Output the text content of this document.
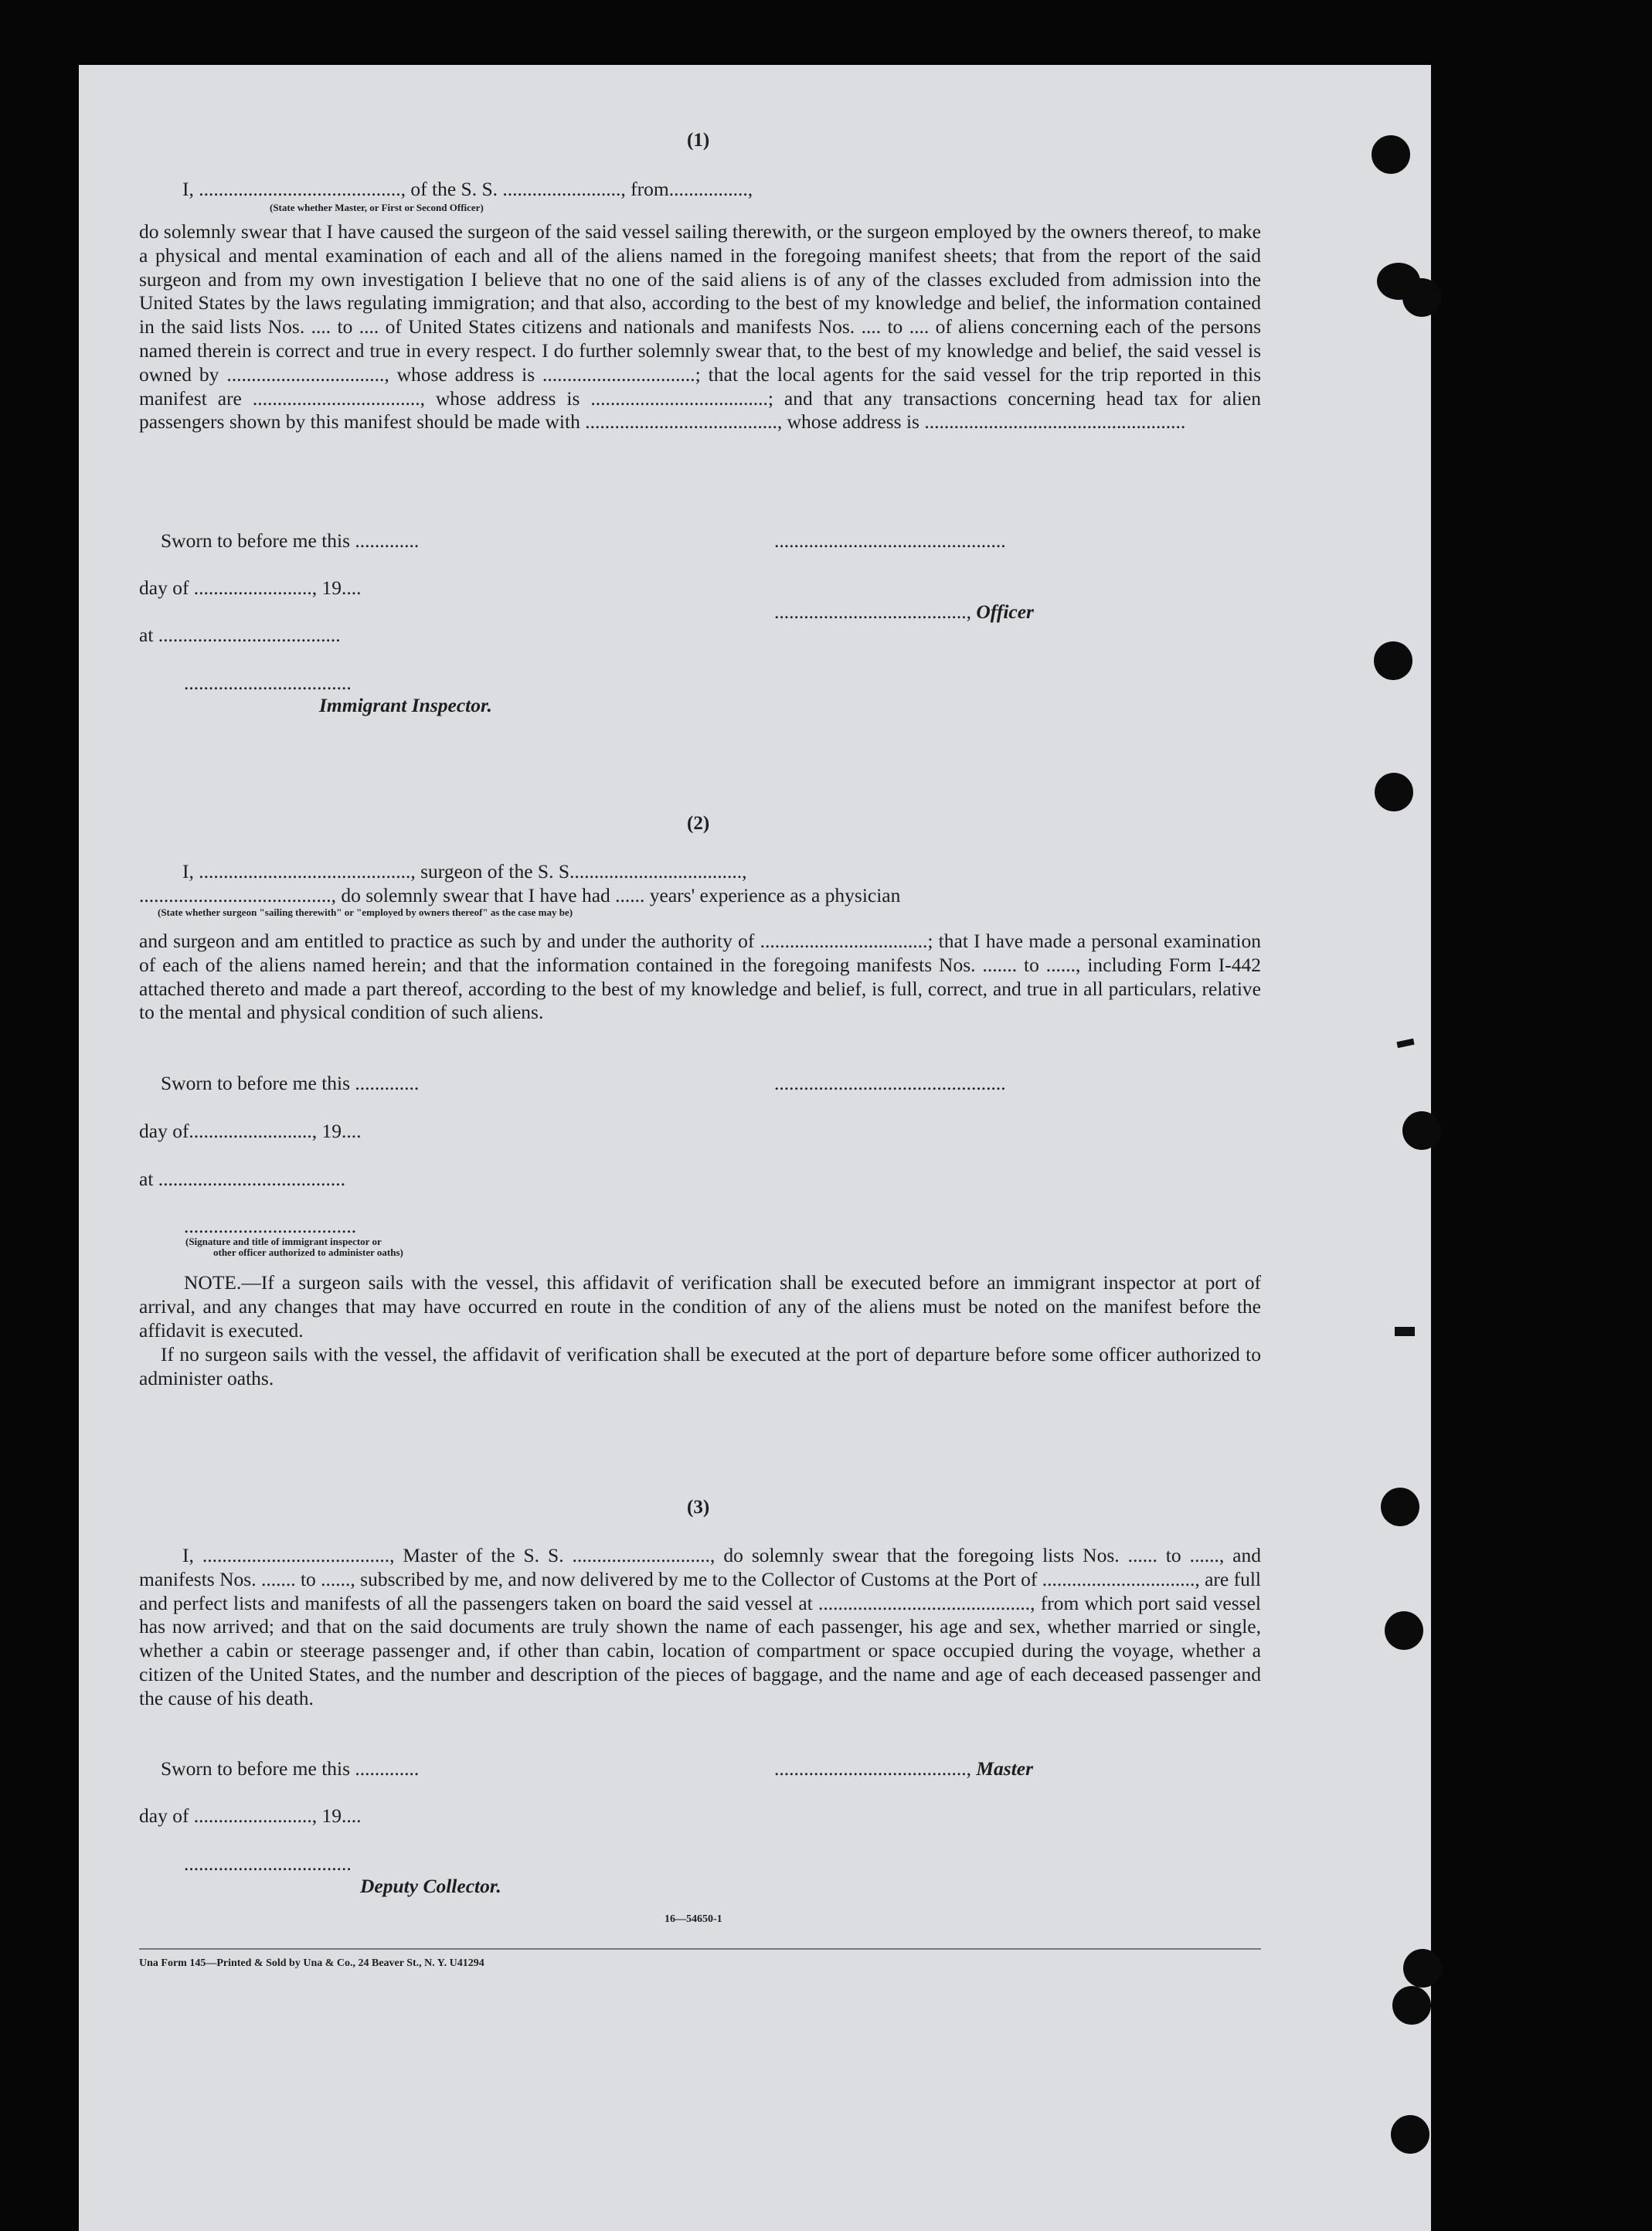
(1)
I, ........................................., of the S. S. ........................, from................,
(State whether Master, or First or Second Officer)
do solemnly swear that I have caused the surgeon of the said vessel sailing therewith, or the surgeon employed by the owners thereof, to make a physical and mental examination of each and all of the aliens named in the foregoing manifest sheets; that from the report of the said surgeon and from my own investigation I believe that no one of the said aliens is of any of the classes excluded from admission into the United States by the laws regulating immigration; and that also, according to the best of my knowledge and belief, the information contained in the said lists Nos. .... to .... of United States citizens and nationals and manifests Nos. .... to .... of aliens concerning each of the persons named therein is correct and true in every respect. I do further solemnly swear that, to the best of my knowledge and belief, the said vessel is owned by ................................, whose address is ...............................; that the local agents for the said vessel for the trip reported in this manifest are .................................., whose address is ....................................; and that any transactions concerning head tax for alien passengers shown by this manifest should be made with ......................................., whose address is .....................................................
Sworn to before me this .............	...............................................
day of ........................, 19....
......................................., Officer
at .....................................
..................................
Immigrant Inspector.
(2)
I, ..........................................., surgeon of the S. S...................................,
......................................., do solemnly swear that I have had ...... years' experience as a physician
(State whether surgeon "sailing therewith" or "employed by owners thereof" as the case may be)
and surgeon and am entitled to practice as such by and under the authority of ..................................; that I have made a personal examination of each of the aliens named herein; and that the information contained in the foregoing manifests Nos. ....... to ......, including Form I-442 attached thereto and made a part thereof, according to the best of my knowledge and belief, is full, correct, and true in all particulars, relative to the mental and physical condition of such aliens.
Sworn to before me this .............	...............................................
day of........................., 19....
at ......................................
...................................
(Signature and title of immigrant inspector or
other officer authorized to administer oaths)
NOTE.—If a surgeon sails with the vessel, this affidavit of verification shall be executed before an immigrant inspector at port of arrival, and any changes that may have occurred en route in the condition of any of the aliens must be noted on the manifest before the affidavit is executed.
If no surgeon sails with the vessel, the affidavit of verification shall be executed at the port of departure before some officer authorized to administer oaths.
(3)
I, ......................................, Master of the S. S. ............................, do solemnly swear that the foregoing lists Nos. ...... to ......, and manifests Nos. ....... to ......, subscribed by me, and now delivered by me to the Collector of Customs at the Port of ..............................., are full and perfect lists and manifests of all the passengers taken on board the said vessel at ..........................................., from which port said vessel has now arrived; and that on the said documents are truly shown the name of each passenger, his age and sex, whether married or single, whether a cabin or steerage passenger and, if other than cabin, location of compartment or space occupied during the voyage, whether a citizen of the United States, and the number and description of the pieces of baggage, and the name and age of each deceased passenger and the cause of his death.
Sworn to before me this .............	......................................., Master
day of ........................, 19....
..................................
Deputy Collector.
16—54650-1
Una Form 145—Printed & Sold by Una & Co., 24 Beaver St., N. Y. U41294
